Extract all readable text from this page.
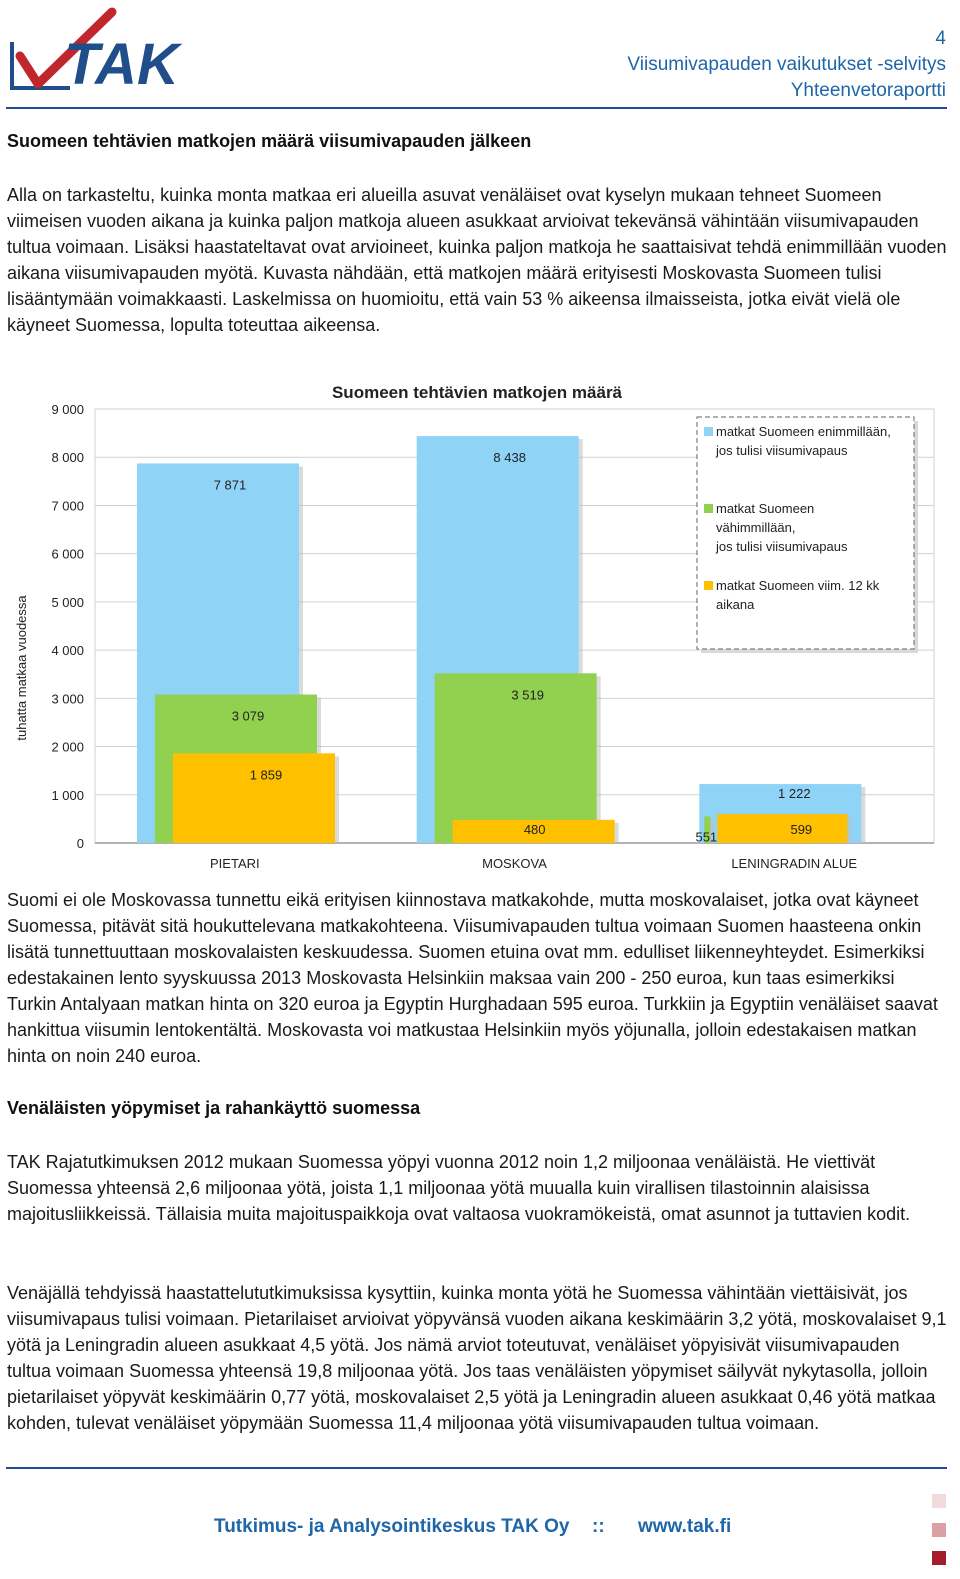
TAK	4
Viisumivapauden vaikutukset -selvitys
Yhteenvetoraportti
Suomeen tehtävien matkojen määrä viisumivapauden jälkeen
Alla on tarkasteltu, kuinka monta matkaa eri alueilla asuvat venäläiset ovat kyselyn mukaan tehneet Suomeen viimeisen vuoden aikana ja kuinka paljon matkoja alueen asukkaat arvioivat tekevänsä vähintään viisumivapauden tultua voimaan. Lisäksi haastateltavat ovat arvioineet, kuinka paljon matkoja he saattaisivat tehdä enimmillään vuoden aikana viisumivapauden myötä. Kuvasta nähdään, että matkojen määrä erityisesti Moskovasta Suomeen tulisi lisääntymään voimakkaasti. Laskelmissa on huomioitu, että vain 53 % aikeensa ilmaisseista, jotka eivät vielä ole käyneet Suomessa, lopulta toteuttaa aikeensa.
Suomeen tehtävien matkojen määrä
tuhatta matkaa vuodessa
0
1 000
2 000
3 000
4 000
5 000
6 000
7 000
8 000
9 000
7 871
3 079
1 859
PIETARI
8 438
3 519
480
MOSKOVA
1 222
551	599
LENINGRADIN ALUE
matkat Suomeen enimmillään,
jos tulisi viisumivapaus
matkat Suomeen
vähimmillään,
jos tulisi viisumivapaus
matkat Suomeen viim. 12 kk
aikana
Suomi ei ole Moskovassa tunnettu eikä erityisen kiinnostava matkakohde, mutta moskovalaiset, jotka ovat käyneet Suomessa, pitävät sitä houkuttelevana matkakohteena. Viisumivapauden tultua voimaan Suomen haasteena onkin lisätä tunnettuuttaan moskovalaisten keskuudessa. Suomen etuina ovat mm. edulliset liikenneyhteydet. Esimerkiksi edestakainen lento syyskuussa 2013 Moskovasta Helsinkiin maksaa vain 200 - 250 euroa, kun taas esimerkiksi Turkin Antalyaan matkan hinta on 320 euroa ja Egyptin Hurghadaan 595 euroa. Turkkiin ja Egyptiin venäläiset saavat hankittua viisumin lentokentältä. Moskovasta voi matkustaa Helsinkiin myös yöjunalla, jolloin edestakaisen matkan hinta on noin 240 euroa.
Venäläisten yöpymiset ja rahankäyttö suomessa
TAK Rajatutkimuksen 2012 mukaan Suomessa yöpyi vuonna 2012 noin 1,2 miljoonaa venäläistä. He viettivät Suomessa yhteensä 2,6 miljoonaa yötä, joista 1,1 miljoonaa yötä muualla kuin virallisen tilastoinnin alaisissa majoitusliikkeissä. Tällaisia muita majoituspaikkoja ovat valtaosa vuokramökeistä, omat asunnot ja tuttavien kodit.
Venäjällä tehdyissä haastattelututkimuksissa kysyttiin, kuinka monta yötä he Suomessa vähintään viettäisivät, jos viisumivapaus tulisi voimaan. Pietarilaiset arvioivat yöpyvänsä vuoden aikana keskimäärin 3,2 yötä, moskovalaiset 9,1 yötä ja Leningradin alueen asukkaat 4,5 yötä. Jos nämä arviot toteutuvat, venäläiset yöpyisivät viisumivapauden tultua voimaan Suomessa yhteensä 19,8 miljoonaa yötä. Jos taas venäläisten yöpymiset säilyvät nykytasolla, jolloin pietarilaiset yöpyvät keskimäärin 0,77 yötä, moskovalaiset 2,5 yötä ja Leningradin alueen asukkaat 0,46 yötä matkaa kohden, tulevat venäläiset yöpymään Suomessa 11,4 miljoonaa yötä viisumivapauden tultua voimaan.
Tutkimus- ja Analysointikeskus TAK Oy :: www.tak.fi
